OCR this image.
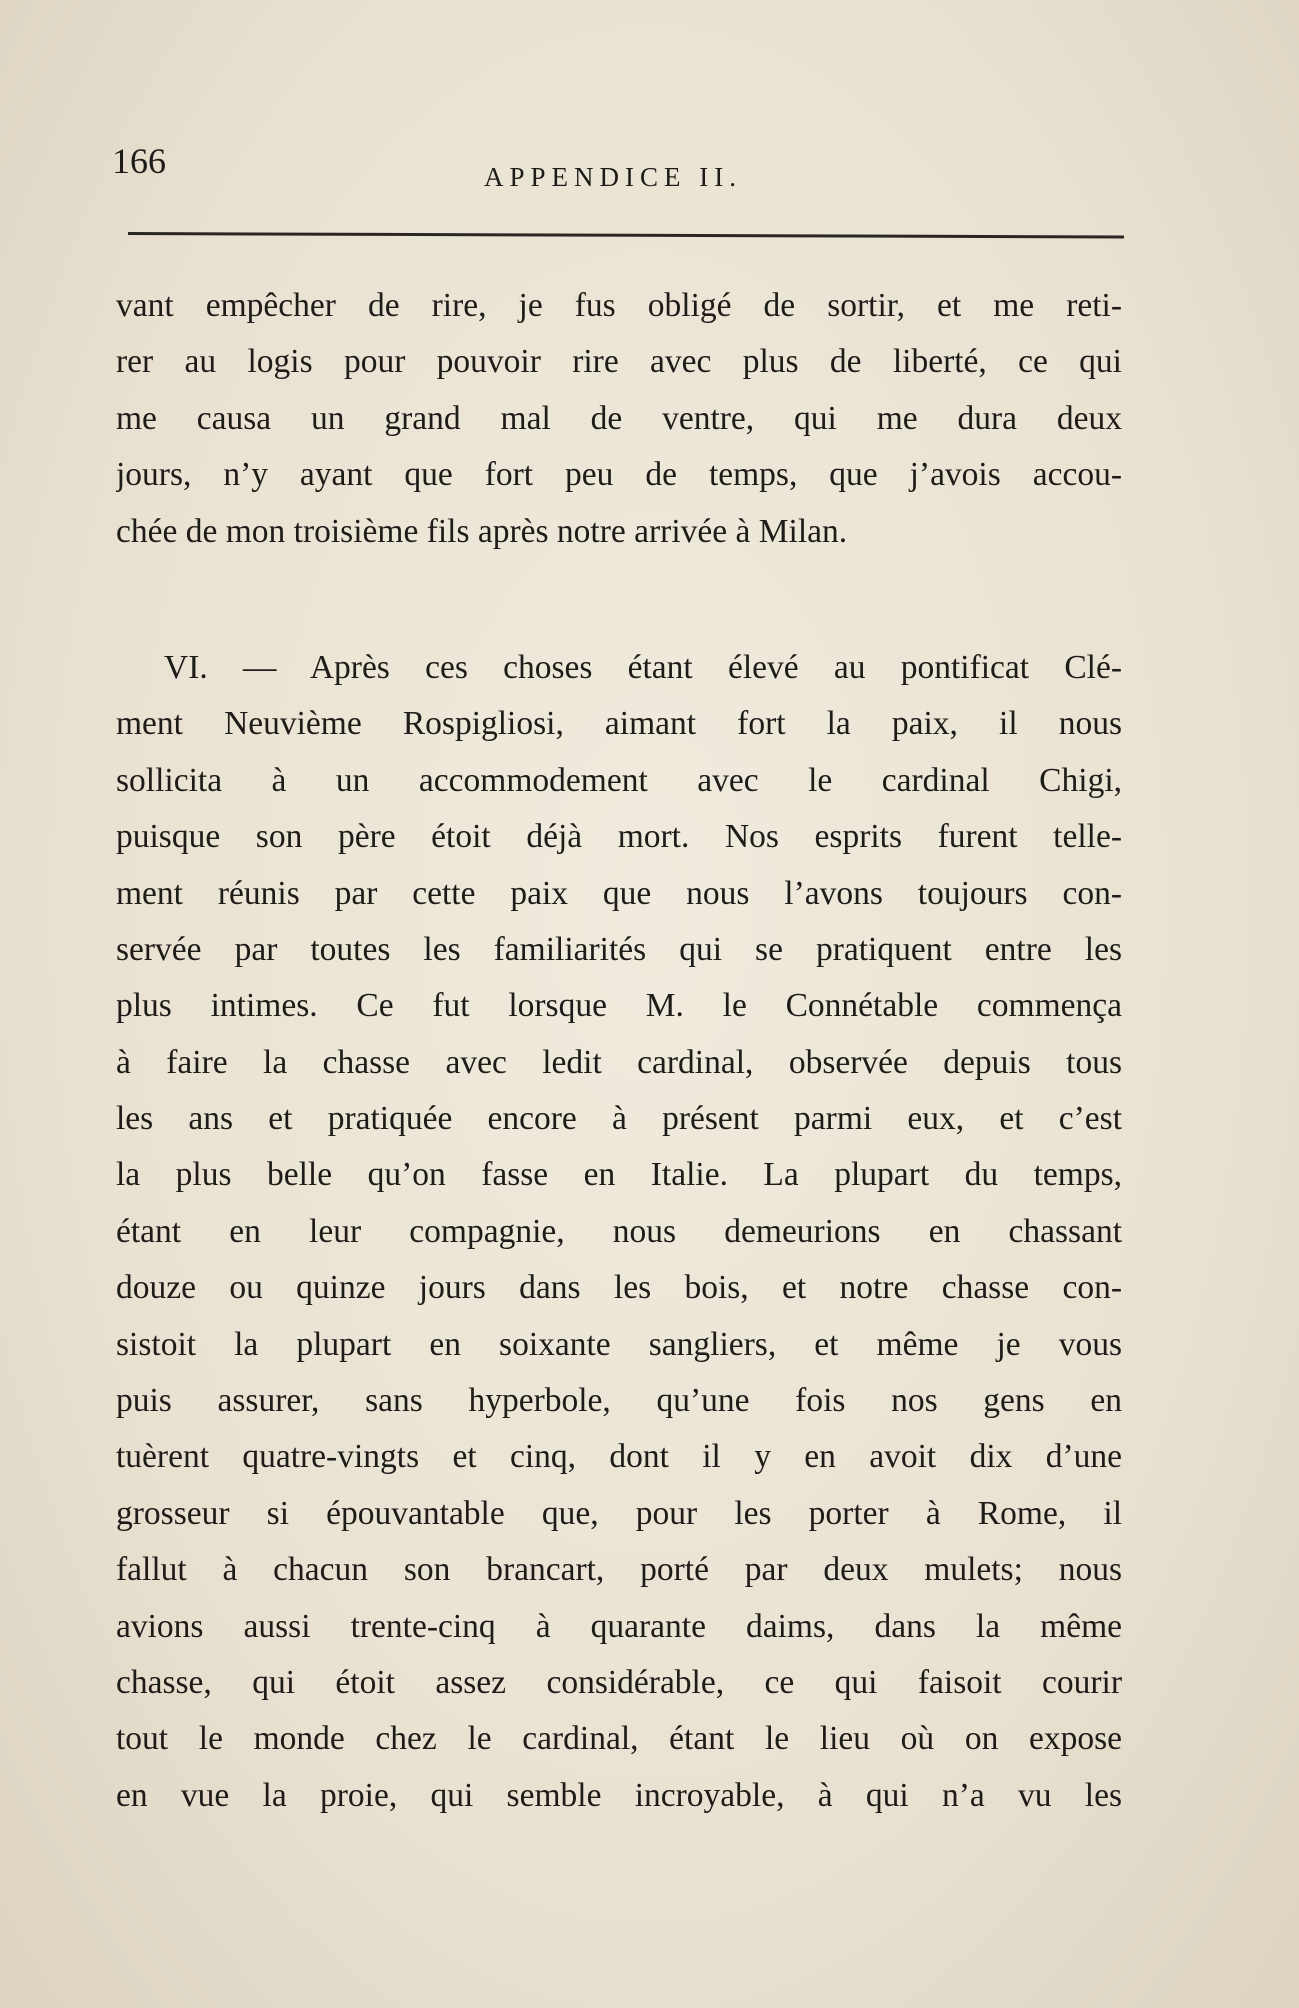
166	APPENDICE II.
vant empêcher de rire, je fus obligé de sortir, et me reti-
rer au logis pour pouvoir rire avec plus de liberté, ce qui
me causa un grand mal de ventre, qui me dura deux
jours, n’y ayant que fort peu de temps, que j’avois accou-
chée de mon troisième fils après notre arrivée à Milan.
VI. — Après ces choses étant élevé au pontificat Clé-
ment Neuvième Rospigliosi, aimant fort la paix, il nous
sollicita à un accommodement avec le cardinal Chigi,
puisque son père étoit déjà mort. Nos esprits furent telle-
ment réunis par cette paix que nous l’avons toujours con-
servée par toutes les familiarités qui se pratiquent entre les
plus intimes. Ce fut lorsque M. le Connétable commença
à faire la chasse avec ledit cardinal, observée depuis tous
les ans et pratiquée encore à présent parmi eux, et c’est
la plus belle qu’on fasse en Italie. La plupart du temps,
étant en leur compagnie, nous demeurions en chassant
douze ou quinze jours dans les bois, et notre chasse con-
sistoit la plupart en soixante sangliers, et même je vous
puis assurer, sans hyperbole, qu’une fois nos gens en
tuèrent quatre-vingts et cinq, dont il y en avoit dix d’une
grosseur si épouvantable que, pour les porter à Rome, il
fallut à chacun son brancart, porté par deux mulets; nous
avions aussi trente-cinq à quarante daims, dans la même
chasse, qui étoit assez considérable, ce qui faisoit courir
tout le monde chez le cardinal, étant le lieu où on expose
en vue la proie, qui semble incroyable, à qui n’a vu les
